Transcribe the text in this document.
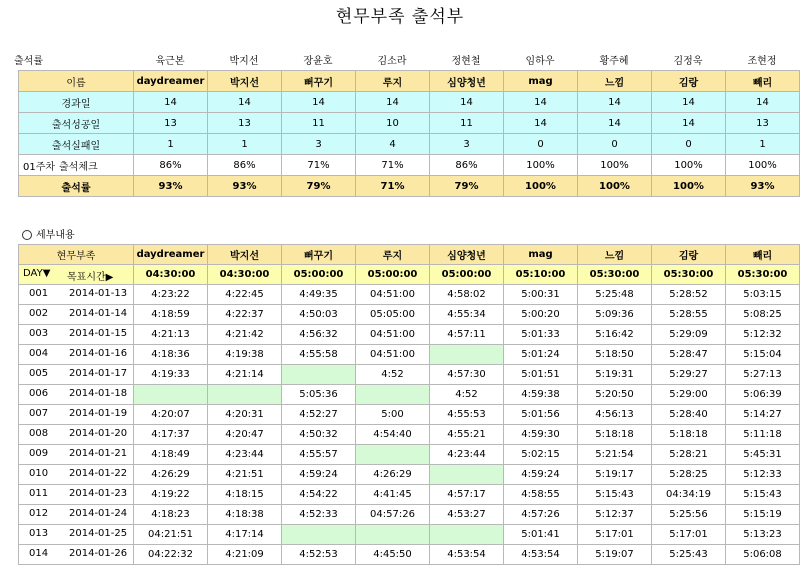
현무부족 출석부
출석률	육근본	박지선	장윤호	김소라	정현철	임하우	황주혜	김정욱	조현정
이름	daydreamer	박지선	뻐꾸기	루지	심양청년	mag	느낌	김랑	빼리
경과일	14	14	14	14	14	14	14	14	14
출석성공일	13	13	11	10	11	14	14	14	13
출석실패일	1	1	3	4	3	0	0	0	1

01주차 출석체크	86%	86%	71%	71%	86%	100%	100%	100%	100%
출석률	93%	93%	79%	71%	79%	100%	100%	100%	93%
세부내용
현무부족	daydreamer	박지선	뻐꾸기	루지	심양청년	mag	느낌	김랑	빼리

DAY▼ 목표시간▶	04:30:00	04:30:00	05:00:00	05:00:00	05:00:00	05:10:00	05:30:00	05:30:00	05:30:00

001 2014-01-13	4:23:22	4:22:45	4:49:35	04:51:00	4:58:02	5:00:31	5:25:48	5:28:52	5:03:15

002 2014-01-14	4:18:59	4:22:37	4:50:03	05:05:00	4:55:34	5:00:20	5:09:36	5:28:55	5:08:25

003 2014-01-15	4:21:13	4:21:42	4:56:32	04:51:00	4:57:11	5:01:33	5:16:42	5:29:09	5:12:32

004 2014-01-16	4:18:36	4:19:38	4:55:58	04:51:00		5:01:24	5:18:50	5:28:47	5:15:04

005 2014-01-17	4:19:33	4:21:14		4:52	4:57:30	5:01:51	5:19:31	5:29:27	5:27:13

006 2014-01-18			5:05:36		4:52	4:59:38	5:20:50	5:29:00	5:06:39

007 2014-01-19	4:20:07	4:20:31	4:52:27	5:00	4:55:53	5:01:56	4:56:13	5:28:40	5:14:27

008 2014-01-20	4:17:37	4:20:47	4:50:32	4:54:40	4:55:21	4:59:30	5:18:18	5:18:18	5:11:18

009 2014-01-21	4:18:49	4:23:44	4:55:57		4:23:44	5:02:15	5:21:54	5:28:21	5:45:31

010 2014-01-22	4:26:29	4:21:51	4:59:24	4:26:29		4:59:24	5:19:17	5:28:25	5:12:33

011 2014-01-23	4:19:22	4:18:15	4:54:22	4:41:45	4:57:17	4:58:55	5:15:43	04:34:19	5:15:43

012 2014-01-24	4:18:23	4:18:38	4:52:33	04:57:26	4:53:27	4:57:26	5:12:37	5:25:56	5:15:19

013 2014-01-25	04:21:51	4:17:14				5:01:41	5:17:01	5:17:01	5:13:23

014 2014-01-26	04:22:32	4:21:09	4:52:53	4:45:50	4:53:54	4:53:54	5:19:07	5:25:43	5:06:08
